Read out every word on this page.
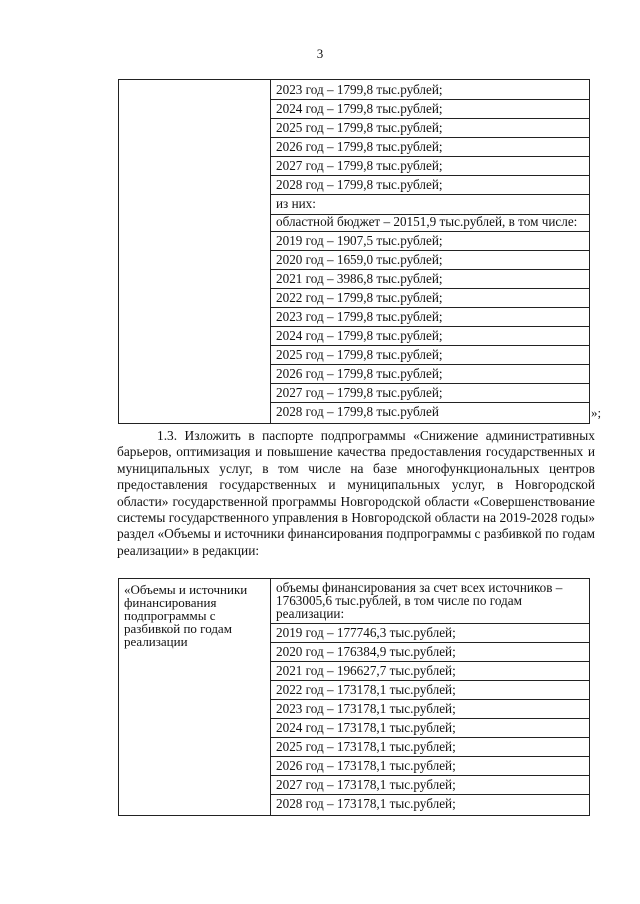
3

2023 год – 1799,8 тыс.рублей;
2024 год – 1799,8 тыс.рублей;
2025 год – 1799,8 тыс.рублей;
2026 год – 1799,8 тыс.рублей;
2027 год – 1799,8 тыс.рублей;
2028 год – 1799,8 тыс.рублей;
из них:
областной бюджет – 20151,9 тыс.рублей, в том числе:
2019 год – 1907,5 тыс.рублей;
2020 год – 1659,0 тыс.рублей;
2021 год – 3986,8 тыс.рублей;
2022 год – 1799,8 тыс.рублей;
2023 год – 1799,8 тыс.рублей;
2024 год – 1799,8 тыс.рублей;
2025 год – 1799,8 тыс.рублей;
2026 год – 1799,8 тыс.рублей;
2027 год – 1799,8 тыс.рублей;
2028 год – 1799,8 тыс.рублей	»;
1.3. Изложить в паспорте подпрограммы «Снижение административных барьеров, оптимизация и повышение качества предоставления государственных и муниципальных услуг, в том числе на базе многофункциональных центров предоставления государственных и муниципальных услуг, в Новгородской области» государственной программы Новгородской области «Совершенствование системы государственного управления в Новгородской области на 2019-2028 годы» раздел «Объемы и источники финансирования подпрограммы с разбивкой по годам реализации» в редакции:
«Объемы и источники финансирования подпрограммы с разбивкой по годам реализации

объемы финансирования за счет всех источников – 1763005,6 тыс.рублей, в том числе по годам реализации:
2019 год – 177746,3 тыс.рублей;
2020 год – 176384,9 тыс.рублей;
2021 год – 196627,7 тыс.рублей;
2022 год – 173178,1 тыс.рублей;
2023 год – 173178,1 тыс.рублей;
2024 год – 173178,1 тыс.рублей;
2025 год – 173178,1 тыс.рублей;
2026 год – 173178,1 тыс.рублей;
2027 год – 173178,1 тыс.рублей;
2028 год – 173178,1 тыс.рублей;
